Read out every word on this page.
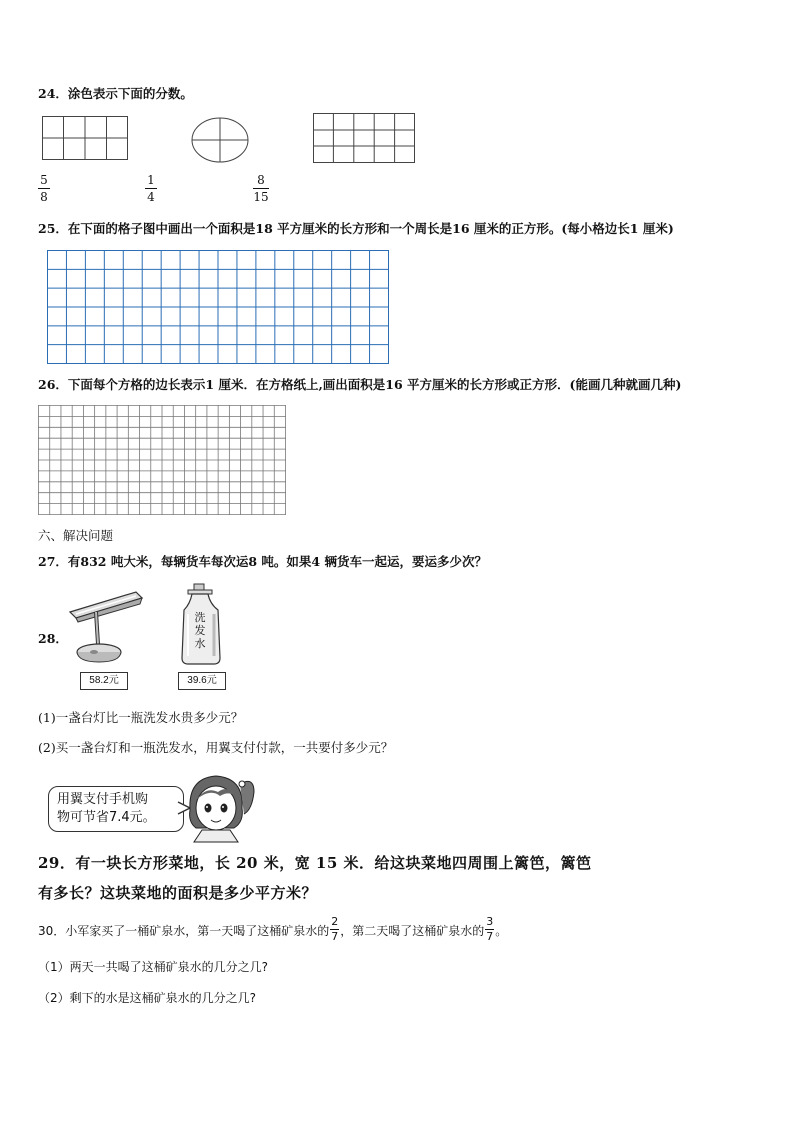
24．涂色表示下面的分数。
5
8
1
4
8
15
25．在下面的格子图中画出一个面积是18 平方厘米的长方形和一个周长是16 厘米的正方形。(每小格边长1 厘米)
26．下面每个方格的边长表示1 厘米．在方格纸上,画出面积是16 平方厘米的长方形或正方形．(能画几种就画几种)
六、解决问题
27．有832 吨大米，每辆货车每次运8 吨。如果4 辆货车一起运，要运多少次？
28．
58.2元
洗
发
水
39.6元
(1)一盏台灯比一瓶洗发水贵多少元？
(2)买一盏台灯和一瓶洗发水，用翼支付付款，一共要付多少元？
用翼支付手机购
物可节省7.4元。
29．有一块长方形菜地，长 20 米，宽 15 米．给这块菜地四周围上篱笆，篱笆
有多长？这块菜地的面积是多少平方米？
30．小军家买了一桶矿泉水，第一天喝了这桶矿泉水的 $\frac{2}{7}$ ，第二天喝了这桶矿泉水的 $\frac{3}{7}$ 。
（1）两天一共喝了这桶矿泉水的几分之几?
（2）剩下的水是这桶矿泉水的几分之几?
